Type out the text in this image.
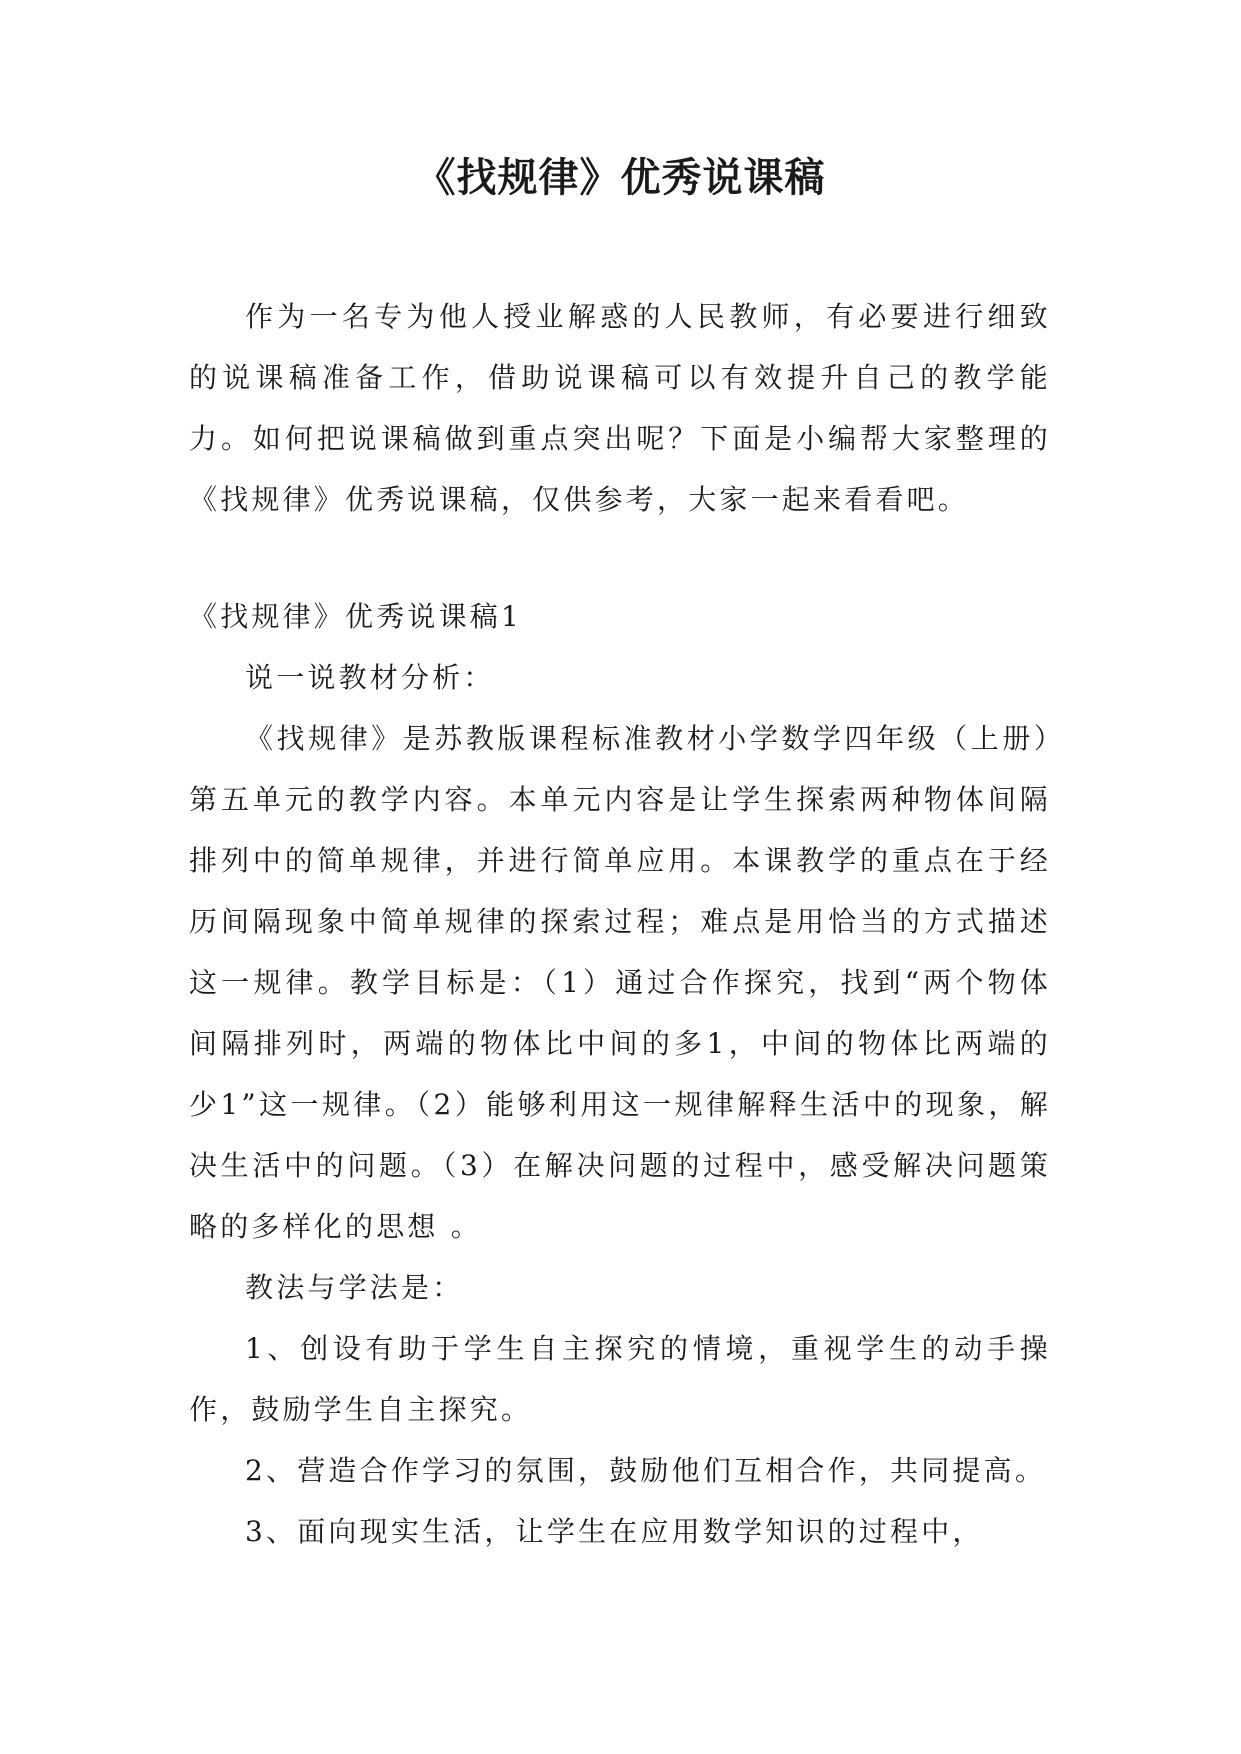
《找规律》优秀说课稿

作为一名专为他人授业解惑的人民教师，有必要进行细致的说课稿准备工作，借助说课稿可以有效提升自己的教学能力。如何把说课稿做到重点突出呢？下面是小编帮大家整理的《找规律》优秀说课稿，仅供参考，大家一起来看看吧。

《找规律》优秀说课稿1

说一说教材分析：

《找规律》是苏教版课程标准教材小学数学四年级（上册）第五单元的教学内容。本单元内容是让学生探索两种物体间隔排列中的简单规律，并进行简单应用。本课教学的重点在于经历间隔现象中简单规律的探索过程；难点是用恰当的方式描述这一规律。教学目标是：（1）通过合作探究，找到“两个物体间隔排列时，两端的物体比中间的多1，中间的物体比两端的少1”这一规律。（2）能够利用这一规律解释生活中的现象，解决生活中的问题。（3）在解决问题的过程中，感受解决问题策略的多样化的思想 。

教法与学法是：

1、创设有助于学生自主探究的情境，重视学生的动手操作，鼓励学生自主探究。

2、营造合作学习的氛围，鼓励他们互相合作，共同提高。

3、面向现实生活，让学生在应用数学知识的过程中，
